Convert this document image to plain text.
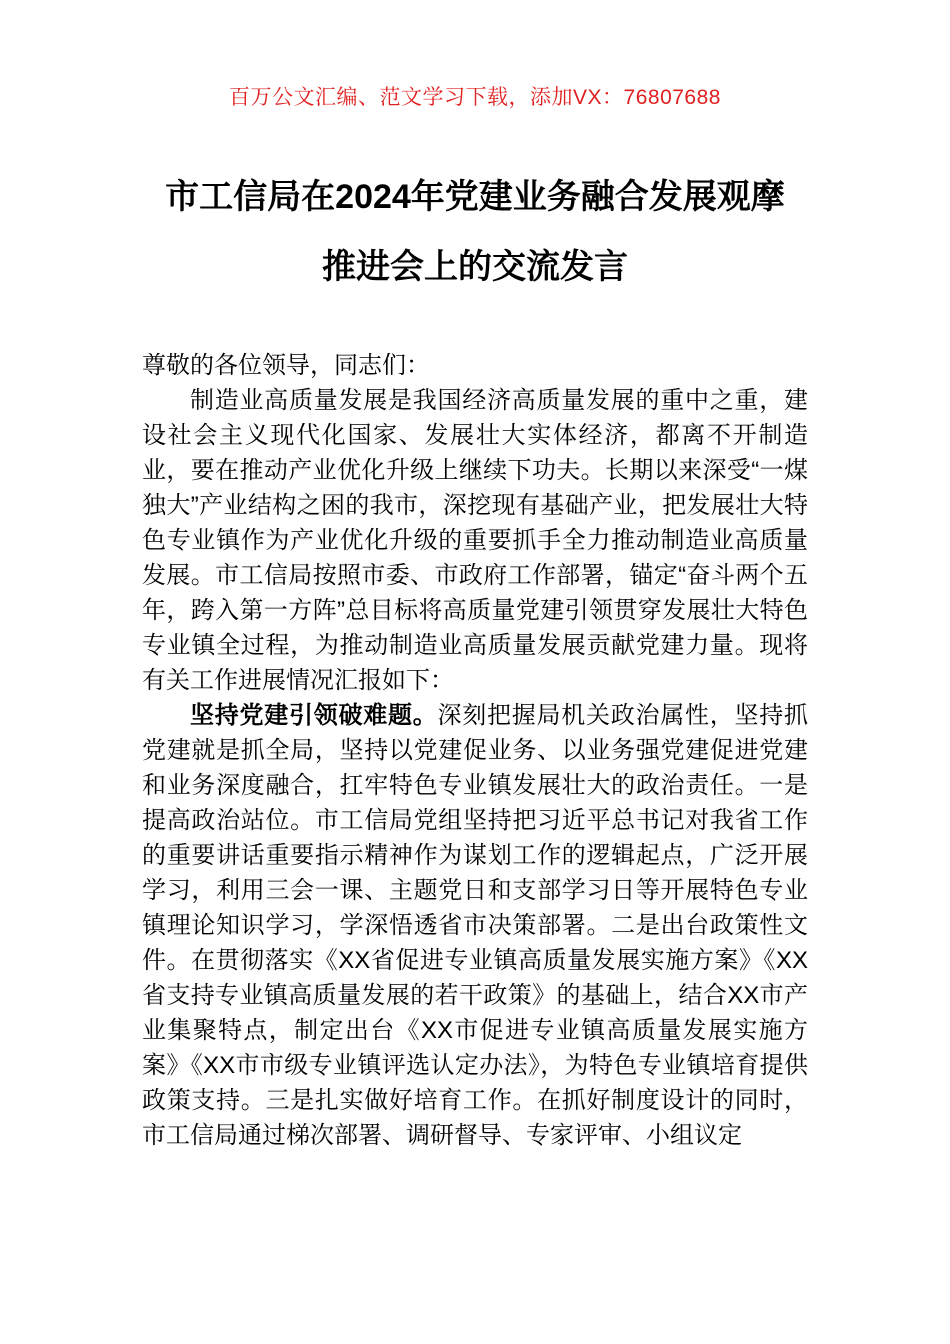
百万公文汇编、范文学习下载，添加VX：76807688
市工信局在2024年党建业务融合发展观摩
推进会上的交流发言

尊敬的各位领导，同志们：

制造业高质量发展是我国经济高质量发展的重中之重，建设社会主义现代化国家、发展壮大实体经济，都离不开制造业，要在推动产业优化升级上继续下功夫。长期以来深受“一煤独大”产业结构之困的我市，深挖现有基础产业，把发展壮大特色专业镇作为产业优化升级的重要抓手全力推动制造业高质量发展。市工信局按照市委、市政府工作部署，锚定“奋斗两个五年，跨入第一方阵”总目标将高质量党建引领贯穿发展壮大特色专业镇全过程，为推动制造业高质量发展贡献党建力量。现将有关工作进展情况汇报如下：

坚持党建引领破难题。深刻把握局机关政治属性，坚持抓党建就是抓全局，坚持以党建促业务、以业务强党建促进党建和业务深度融合，扛牢特色专业镇发展壮大的政治责任。一是提高政治站位。市工信局党组坚持把习近平总书记对我省工作的重要讲话重要指示精神作为谋划工作的逻辑起点，广泛开展学习，利用三会一课、主题党日和支部学习日等开展特色专业镇理论知识学习，学深悟透省市决策部署。二是出台政策性文件。在贯彻落实《XX省促进专业镇高质量发展实施方案》《XX省支持专业镇高质量发展的若干政策》的基础上，结合XX市产业集聚特点，制定出台《XX市促进专业镇高质量发展实施方案》《XX市市级专业镇评选认定办法》，为特色专业镇培育提供政策支持。三是扎实做好培育工作。在抓好制度设计的同时，市工信局通过梯次部署、调研督导、专家评审、小组议定
